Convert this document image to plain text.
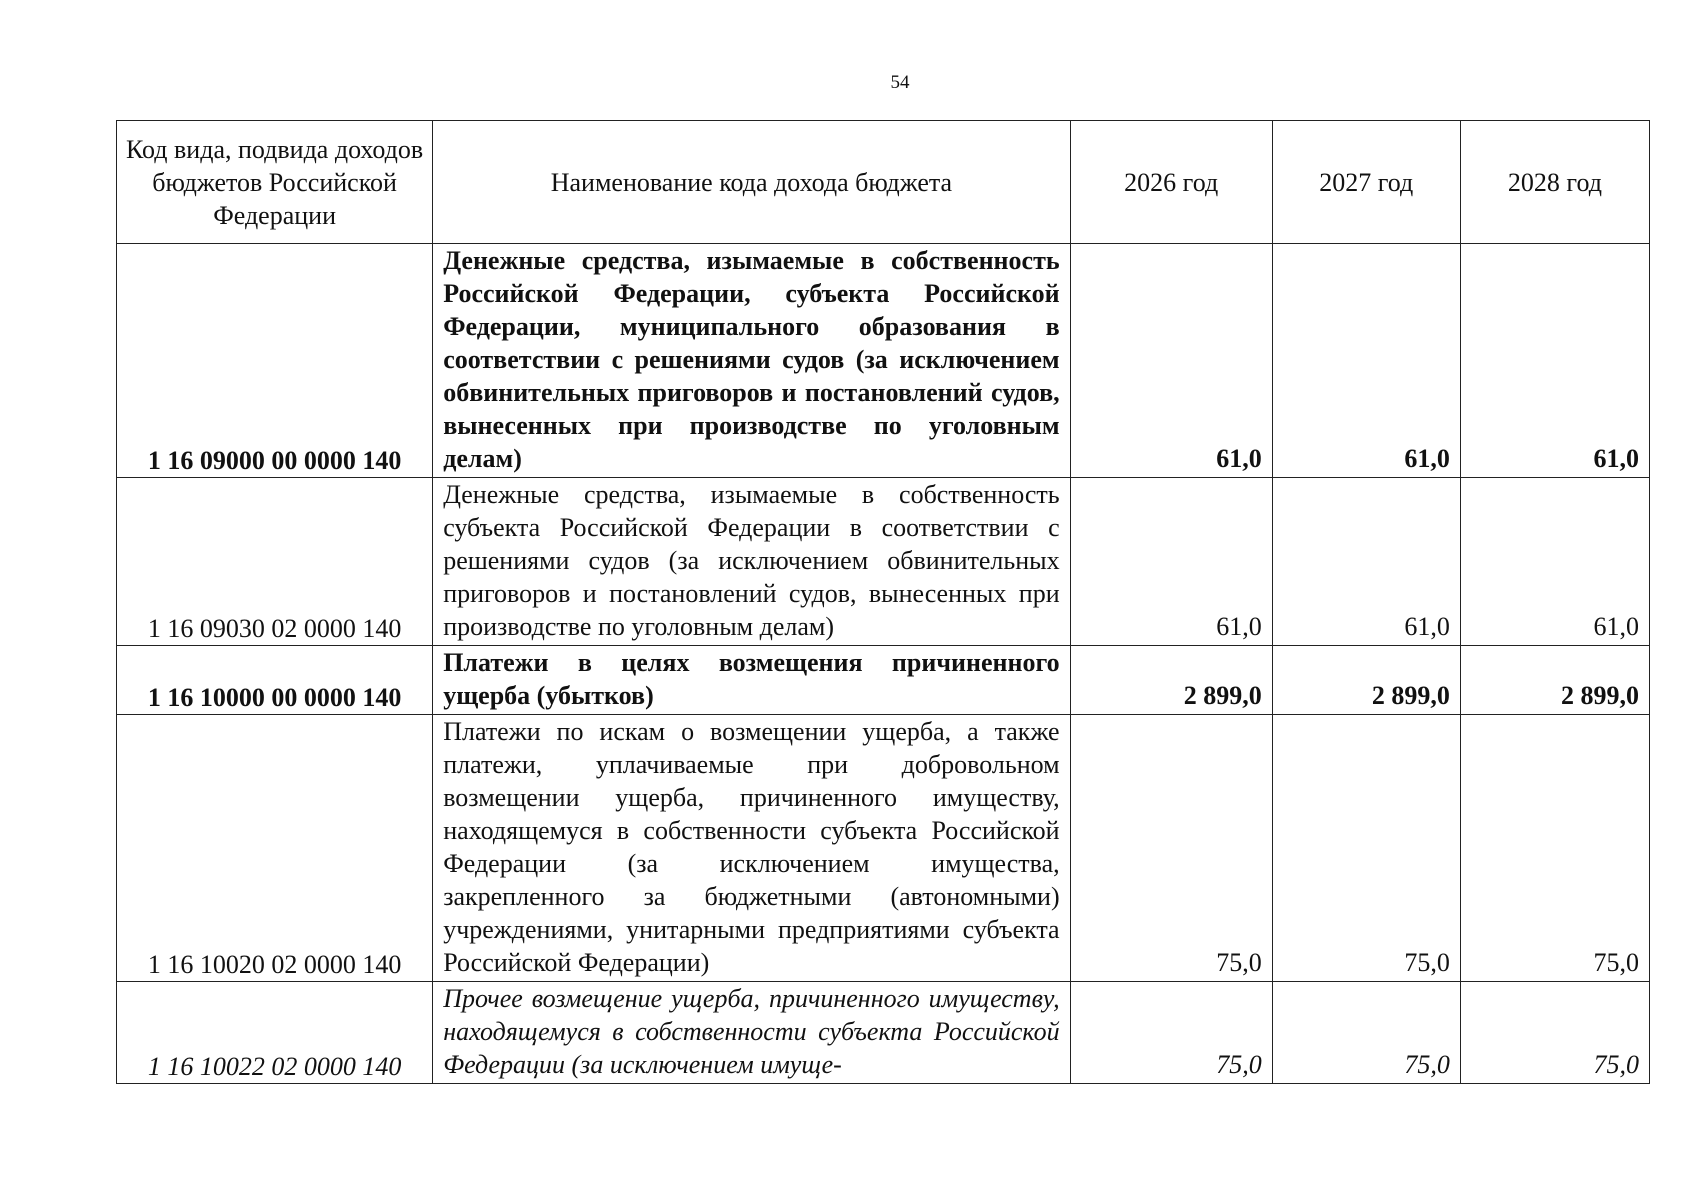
54
Код вида, подвида доходов бюджетов Российской Федерации	Наименование кода дохода бюджета	2026 год	2027 год	2028 год
1 16 09000 00 0000 140	Денежные средства, изымаемые в собственность Российской Федерации, субъекта Российской Федерации, муниципального образования в соответствии с решениями судов (за исключением обвинительных приговоров и постановлений судов, вынесенных при производстве по уголовным делам)	61,0	61,0	61,0
1 16 09030 02 0000 140	Денежные средства, изымаемые в собственность субъекта Российской Федерации в соответствии с решениями судов (за исключением обвинительных приговоров и постановлений судов, вынесенных при производстве по уголовным делам)	61,0	61,0	61,0
1 16 10000 00 0000 140	Платежи в целях возмещения причиненного ущерба (убытков)	2 899,0	2 899,0	2 899,0
1 16 10020 02 0000 140	Платежи по искам о возмещении ущерба, а также платежи, уплачиваемые при добровольном возмещении ущерба, причиненного имуществу, находящемуся в собственности субъекта Российской Федерации (за исключением имущества, закрепленного за бюджетными (автономными) учреждениями, унитарными предприятиями субъекта Российской Федерации)	75,0	75,0	75,0
1 16 10022 02 0000 140	Прочее возмещение ущерба, причиненного имуществу, находящемуся в собственности субъекта Российской Федерации (за исключением имуще-	75,0	75,0	75,0
